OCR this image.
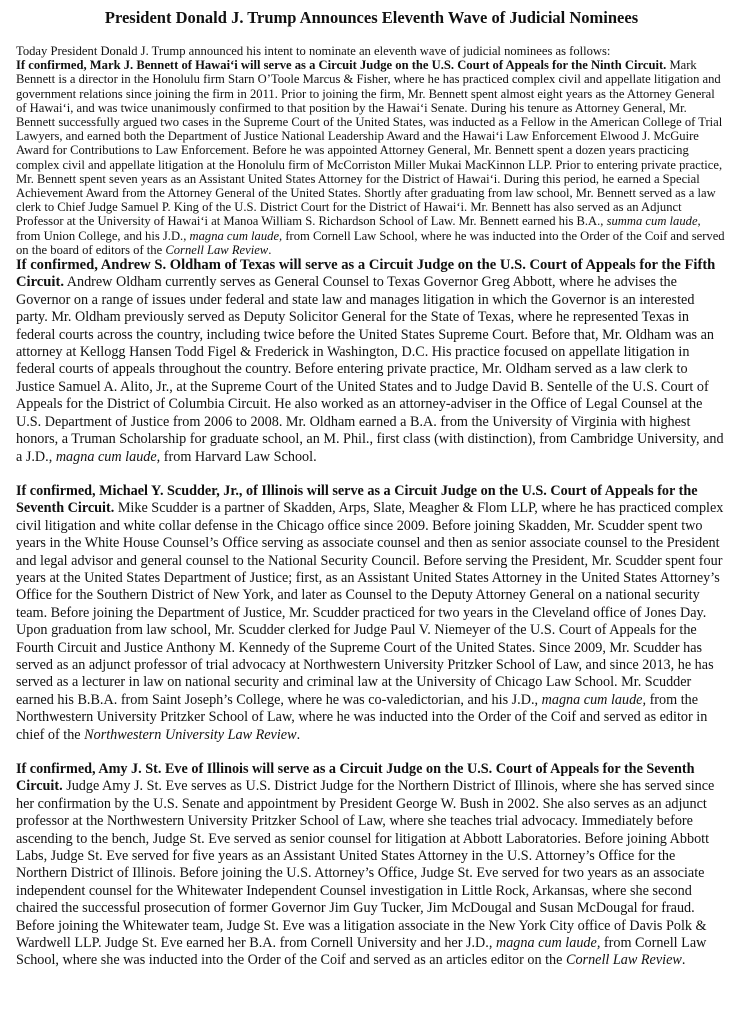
President Donald J. Trump Announces Eleventh Wave of Judicial Nominees

Today President Donald J. Trump announced his intent to nominate an eleventh wave of judicial nominees as follows:

If confirmed, Mark J. Bennett of Hawaiʻi will serve as a Circuit Judge on the U.S. Court of Appeals for the Ninth Circuit. Mark Bennett is a director in the Honolulu firm Starn O’Toole Marcus & Fisher, where he has practiced complex civil and appellate litigation and government relations since joining the firm in 2011. Prior to joining the firm, Mr. Bennett spent almost eight years as the Attorney General of Hawaiʻi, and was twice unanimously confirmed to that position by the Hawaiʻi Senate. During his tenure as Attorney General, Mr. Bennett successfully argued two cases in the Supreme Court of the United States, was inducted as a Fellow in the American College of Trial Lawyers, and earned both the Department of Justice National Leadership Award and the Hawaiʻi Law Enforcement Elwood J. McGuire Award for Contributions to Law Enforcement. Before he was appointed Attorney General, Mr. Bennett spent a dozen years practicing complex civil and appellate litigation at the Honolulu firm of McCorriston Miller Mukai MacKinnon LLP. Prior to entering private practice, Mr. Bennett spent seven years as an Assistant United States Attorney for the District of Hawaiʻi. During this period, he earned a Special Achievement Award from the Attorney General of the United States. Shortly after graduating from law school, Mr. Bennett served as a law clerk to Chief Judge Samuel P. King of the U.S. District Court for the District of Hawaiʻi. Mr. Bennett has also served as an Adjunct Professor at the University of Hawaiʻi at Manoa William S. Richardson School of Law. Mr. Bennett earned his B.A., summa cum laude, from Union College, and his J.D., magna cum laude, from Cornell Law School, where he was inducted into the Order of the Coif and served on the board of editors of the Cornell Law Review.

If confirmed, Andrew S. Oldham of Texas will serve as a Circuit Judge on the U.S. Court of Appeals for the Fifth Circuit. Andrew Oldham currently serves as General Counsel to Texas Governor Greg Abbott, where he advises the Governor on a range of issues under federal and state law and manages litigation in which the Governor is an interested party. Mr. Oldham previously served as Deputy Solicitor General for the State of Texas, where he represented Texas in federal courts across the country, including twice before the United States Supreme Court. Before that, Mr. Oldham was an attorney at Kellogg Hansen Todd Figel & Frederick in Washington, D.C. His practice focused on appellate litigation in federal courts of appeals throughout the country. Before entering private practice, Mr. Oldham served as a law clerk to Justice Samuel A. Alito, Jr., at the Supreme Court of the United States and to Judge David B. Sentelle of the U.S. Court of Appeals for the District of Columbia Circuit. He also worked as an attorney-adviser in the Office of Legal Counsel at the U.S. Department of Justice from 2006 to 2008. Mr. Oldham earned a B.A. from the University of Virginia with highest honors, a Truman Scholarship for graduate school, an M. Phil., first class (with distinction), from Cambridge University, and a J.D., magna cum laude, from Harvard Law School.

If confirmed, Michael Y. Scudder, Jr., of Illinois will serve as a Circuit Judge on the U.S. Court of Appeals for the Seventh Circuit. Mike Scudder is a partner of Skadden, Arps, Slate, Meagher & Flom LLP, where he has practiced complex civil litigation and white collar defense in the Chicago office since 2009. Before joining Skadden, Mr. Scudder spent two years in the White House Counsel’s Office serving as associate counsel and then as senior associate counsel to the President and legal advisor and general counsel to the National Security Council. Before serving the President, Mr. Scudder spent four years at the United States Department of Justice; first, as an Assistant United States Attorney in the United States Attorney’s Office for the Southern District of New York, and later as Counsel to the Deputy Attorney General on a national security team. Before joining the Department of Justice, Mr. Scudder practiced for two years in the Cleveland office of Jones Day. Upon graduation from law school, Mr. Scudder clerked for Judge Paul V. Niemeyer of the U.S. Court of Appeals for the Fourth Circuit and Justice Anthony M. Kennedy of the Supreme Court of the United States. Since 2009, Mr. Scudder has served as an adjunct professor of trial advocacy at Northwestern University Pritzker School of Law, and since 2013, he has served as a lecturer in law on national security and criminal law at the University of Chicago Law School. Mr. Scudder earned his B.B.A. from Saint Joseph’s College, where he was co-valedictorian, and his J.D., magna cum laude, from the Northwestern University Pritzker School of Law, where he was inducted into the Order of the Coif and served as editor in chief of the Northwestern University Law Review.

If confirmed, Amy J. St. Eve of Illinois will serve as a Circuit Judge on the U.S. Court of Appeals for the Seventh Circuit. Judge Amy J. St. Eve serves as U.S. District Judge for the Northern District of Illinois, where she has served since her confirmation by the U.S. Senate and appointment by President George W. Bush in 2002. She also serves as an adjunct professor at the Northwestern University Pritzker School of Law, where she teaches trial advocacy. Immediately before ascending to the bench, Judge St. Eve served as senior counsel for litigation at Abbott Laboratories. Before joining Abbott Labs, Judge St. Eve served for five years as an Assistant United States Attorney in the U.S. Attorney’s Office for the Northern District of Illinois. Before joining the U.S. Attorney’s Office, Judge St. Eve served for two years as an associate independent counsel for the Whitewater Independent Counsel investigation in Little Rock, Arkansas, where she second chaired the successful prosecution of former Governor Jim Guy Tucker, Jim McDougal and Susan McDougal for fraud. Before joining the Whitewater team, Judge St. Eve was a litigation associate in the New York City office of Davis Polk & Wardwell LLP. Judge St. Eve earned her B.A. from Cornell University and her J.D., magna cum laude, from Cornell Law School, where she was inducted into the Order of the Coif and served as an articles editor on the Cornell Law Review.
